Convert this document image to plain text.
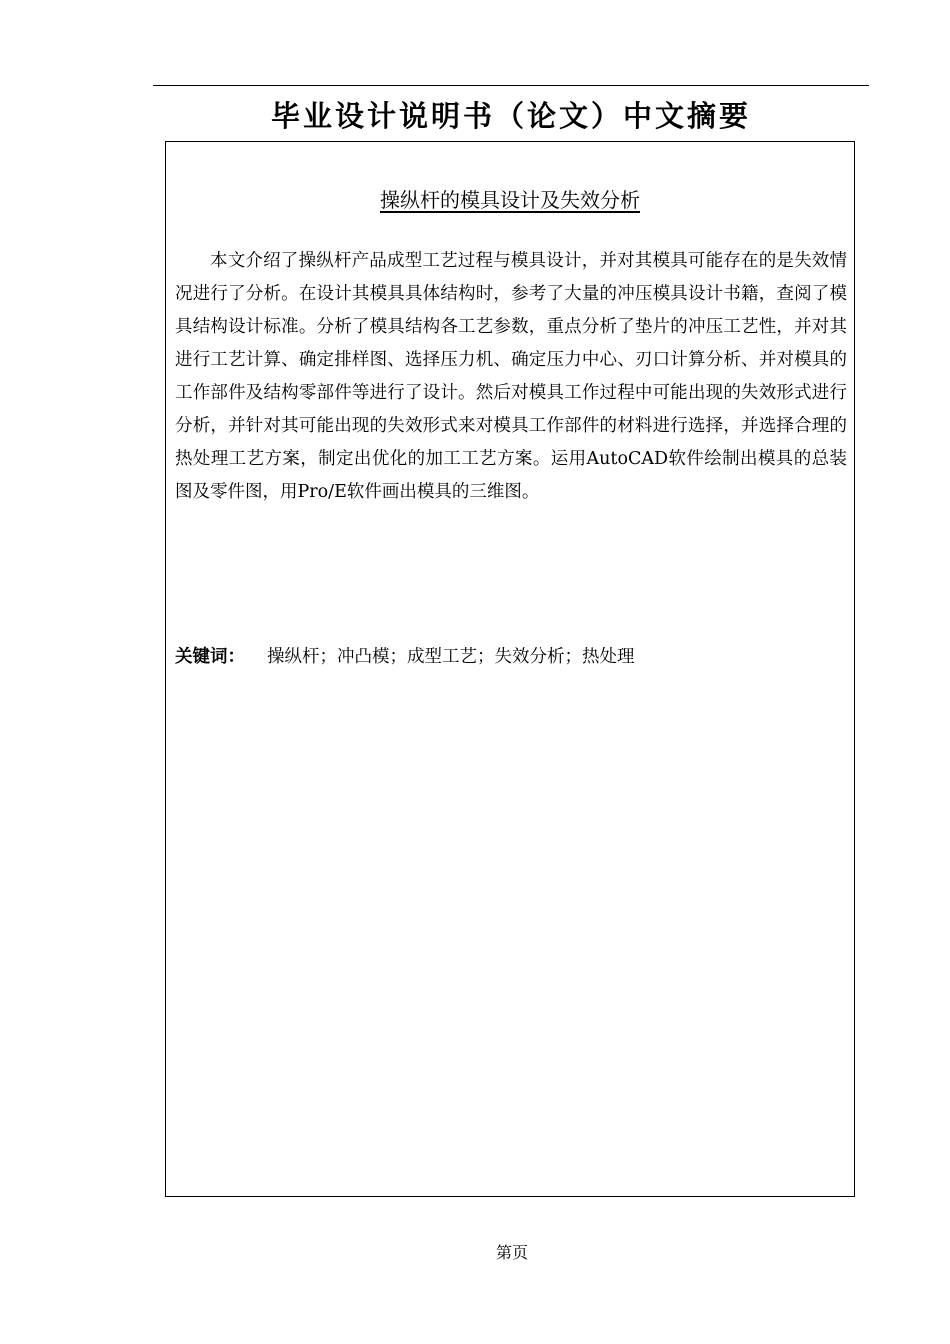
毕业设计说明书（论文）中文摘要
操纵杆的模具设计及失效分析

本文介绍了操纵杆产品成型工艺过程与模具设计，并对其模具可能存在的是失效情况进行了分析。在设计其模具具体结构时，参考了大量的冲压模具设计书籍，查阅了模具结构设计标准。分析了模具结构各工艺参数，重点分析了垫片的冲压工艺性，并对其进行工艺计算、确定排样图、选择压力机、确定压力中心、刃口计算分析、并对模具的工作部件及结构零部件等进行了设计。然后对模具工作过程中可能出现的失效形式进行分析，并针对其可能出现的失效形式来对模具工作部件的材料进行选择，并选择合理的热处理工艺方案，制定出优化的加工工艺方案。运用AutoCAD软件绘制出模具的总装图及零件图，用Pro/E软件画出模具的三维图。

关键词： 操纵杆；冲凸模；成型工艺；失效分析；热处理
第页
